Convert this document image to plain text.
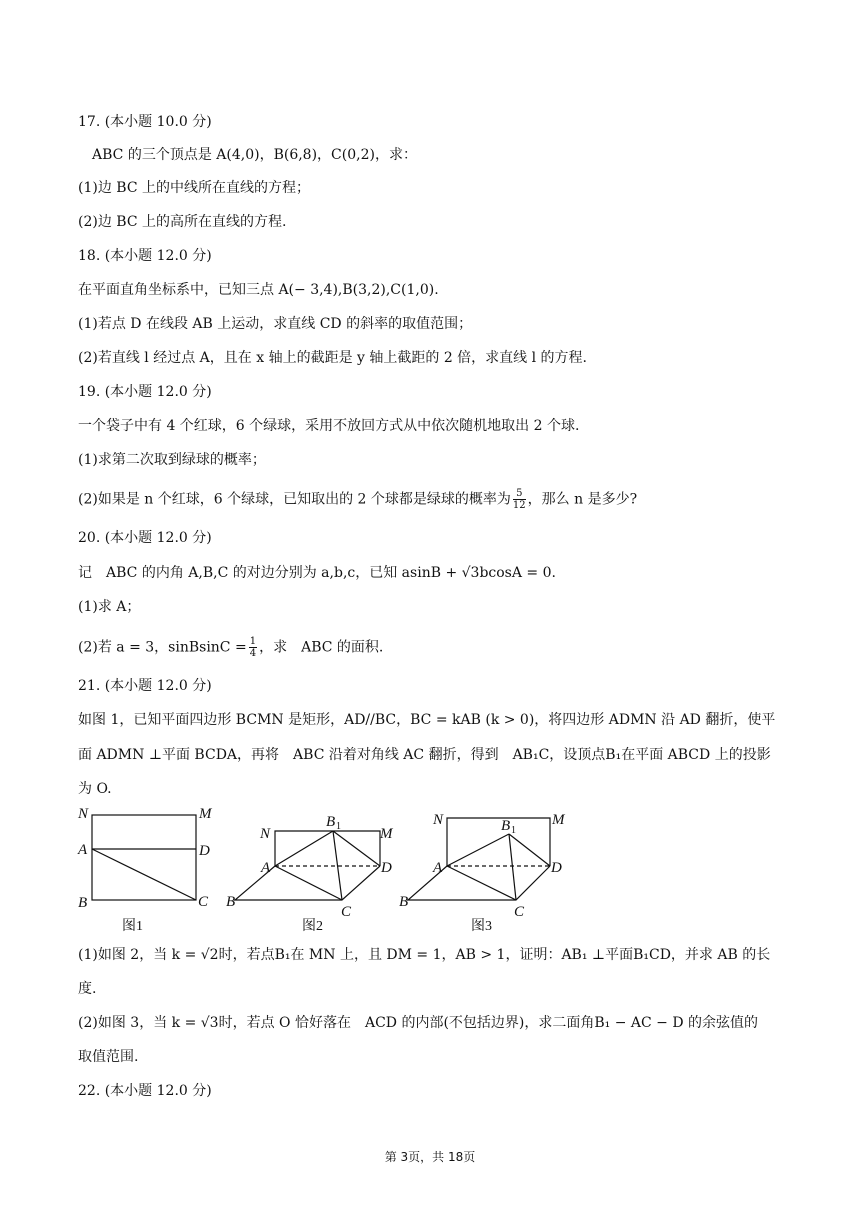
17. (本小题 10.0 分)
ABC 的三个顶点是 A(4,0)，B(6,8)，C(0,2)，求：
(1)边 BC 上的中线所在直线的方程；
(2)边 BC 上的高所在直线的方程.
18. (本小题 12.0 分)
在平面直角坐标系中，已知三点 A(− 3,4),B(3,2),C(1,0).
(1)若点 D 在线段 AB 上运动，求直线 CD 的斜率的取值范围；
(2)若直线 l 经过点 A，且在 x 轴上的截距是 y 轴上截距的 2 倍，求直线 l 的方程.
19. (本小题 12.0 分)
一个袋子中有 4 个红球，6 个绿球，采用不放回方式从中依次随机地取出 2 个球.
(1)求第二次取到绿球的概率；
(2)如果是 n 个红球，6 个绿球，已知取出的 2 个球都是绿球的概率为 $\frac{5}{12}$ ，那么 n 是多少?
20. (本小题 12.0 分)
记　ABC 的内角 A,B,C 的对边分别为 a,b,c，已知 asinB + √3bcosA = 0.
(1)求 A；
(2)若 a = 3，sinBsinC = $\frac{1}{4}$ ，求　ABC 的面积.
21. (本小题 12.0 分)
如图 1，已知平面四边形 BCMN 是矩形，AD//BC，BC = kAB (k > 0)，将四边形 ADMN 沿 AD 翻折，使平
面 ADMN ⊥平面 BCDA，再将　ABC 沿着对角线 AC 翻折，得到　AB₁C，设顶点B₁在平面 ABCD 上的投影
为 O.
N	M
A	D
B	C
N
B 1	M
A	D
B
C
N	B 1
M
A	D
B
C
图1	图2	图3
(1)如图 2，当 k = √2时，若点B₁在 MN 上，且 DM = 1，AB > 1，证明：AB₁ ⊥平面B₁CD，并求 AB 的长
度.
(2)如图 3，当 k = √3时，若点 O 恰好落在　ACD 的内部(不包括边界)，求二面角B₁ − AC − D 的余弦值的
取值范围.
22. (本小题 12.0 分)
第 3页，共 18页
